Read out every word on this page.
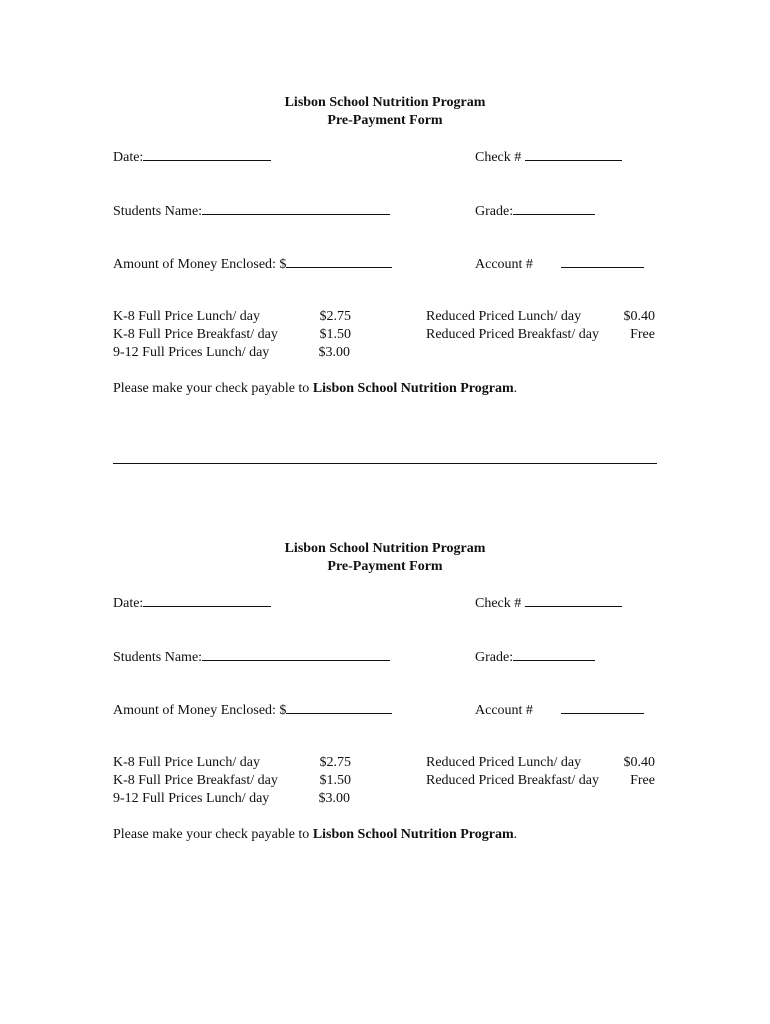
Lisbon School Nutrition Program
Pre-Payment Form
Date:	Check #
Students Name:	Grade:
Amount of Money Enclosed: $	Account #
K-8 Full Price Lunch/ day	$2.75
K-8 Full Price Breakfast/ day	$1.50
9-12 Full Prices Lunch/ day	$3.00
Reduced Priced Lunch/ day	$0.40
Reduced Priced Breakfast/ day	Free
Please make your check payable to Lisbon School Nutrition Program.
Lisbon School Nutrition Program
Pre-Payment Form
Date:	Check #
Students Name:	Grade:
Amount of Money Enclosed: $	Account #
K-8 Full Price Lunch/ day	$2.75
K-8 Full Price Breakfast/ day	$1.50
9-12 Full Prices Lunch/ day	$3.00
Reduced Priced Lunch/ day	$0.40
Reduced Priced Breakfast/ day	Free
Please make your check payable to Lisbon School Nutrition Program.
